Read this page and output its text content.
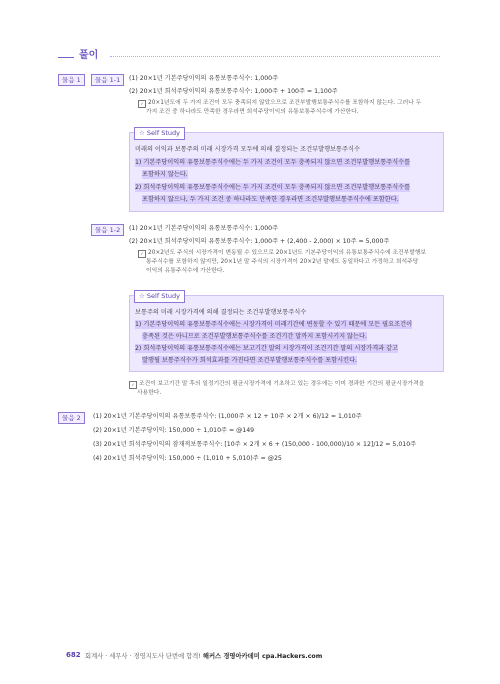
풀이
물음 1	물음 1-1	(1) 20×1년 기본주당이익의 유통보통주식수: 1,000주
(2) 20×1년 희석주당이익의 유통보통주식수: 1,000주 + 100주 = 1,100주
✓ 20×1년도에 두 가지 조건이 모두 충족되지 않았으므로 조건부발행보통주식수를 포함하지 않는다. 그러나 두
가지 조건 중 하나라도 만족한 경우라면 희석주당이익의 유통보통주식수에 가산한다.
☆ Self Study
미래의 이익과 보통주의 미래 시장가격 모두에 의해 결정되는 조건부발행보통주식수
1) 기본주당이익의 유통보통주식수에는 두 가지 조건이 모두 충족되지 않으면 조건부발행보통주식수를
포함하지 않는다.
2) 희석주당이익의 유통보통주식수에는 두 가지 조건이 모두 충족되지 않으면 조건부발행보통주식수를
포함하지 않으나, 두 가지 조건 중 하나라도 만족한 경우라면 조건부발행보통주식수에 포함한다.
물음 1-2	(1) 20×1년 기본주당이익의 유통보통주식수: 1,000주
(2) 20×1년 희석주당이익의 유통보통주식수: 1,000주 + (2,400 - 2,000) × 10주 = 5,000주
✓ 20×2년도 주식의 시장가격이 변동될 수 있으므로 20×1년도 기본주당이익의 유통보통주식수에 조건부발행보
통주식수를 포함하지 않지만, 20×1년 말 주식의 시장가격이 20×2년 말에도 동일하다고 가정하고 희석주당
이익의 유통주식수에 가산한다.
☆ Self Study
보통주의 미래 시장가격에 의해 결정되는 조건부발행보통주식수
1) 기본주당이익의 유통보통주식수에는 시장가격이 미래기간에 변동할 수 있기 때문에 모든 필요조건이
충족된 것은 아니므로 조건부발행보통주식수를 조건기간 말까지 포함시키지 않는다.
2) 희석주당이익의 유통보통주식수에는 보고기간 말의 시장가격이 조건기간 말의 시장가격과 같고
발행될 보통주식수가 희석효과를 가진다면 조건부발행보통주식수를 포함시킨다.
✓ 조건이 보고기간 말 후의 일정기간의 평균시장가격에 기초하고 있는 경우에는 이미 경과한 기간의 평균시장가격을
사용한다.
물음 2	(1) 20×1년 기본주당이익의 유통보통주식수: (1,000주 × 12 + 10주 × 2개 × 6)/12 = 1,010주
(2) 20×1년 기본주당이익: 150,000 ÷ 1,010주 = @149
(3) 20×1년 희석주당이익의 잠재적보통주식수: [10주 × 2개 × 6 + (150,000 - 100,000)/10 × 12]/12 = 5,010주
(4) 20×1년 희석주당이익: 150,000 ÷ (1,010 + 5,010)주 = @25
682 회계사 · 세무사 · 경영지도사 단번에 합격! 해커스 경영아카데미 cpa.Hackers.com
